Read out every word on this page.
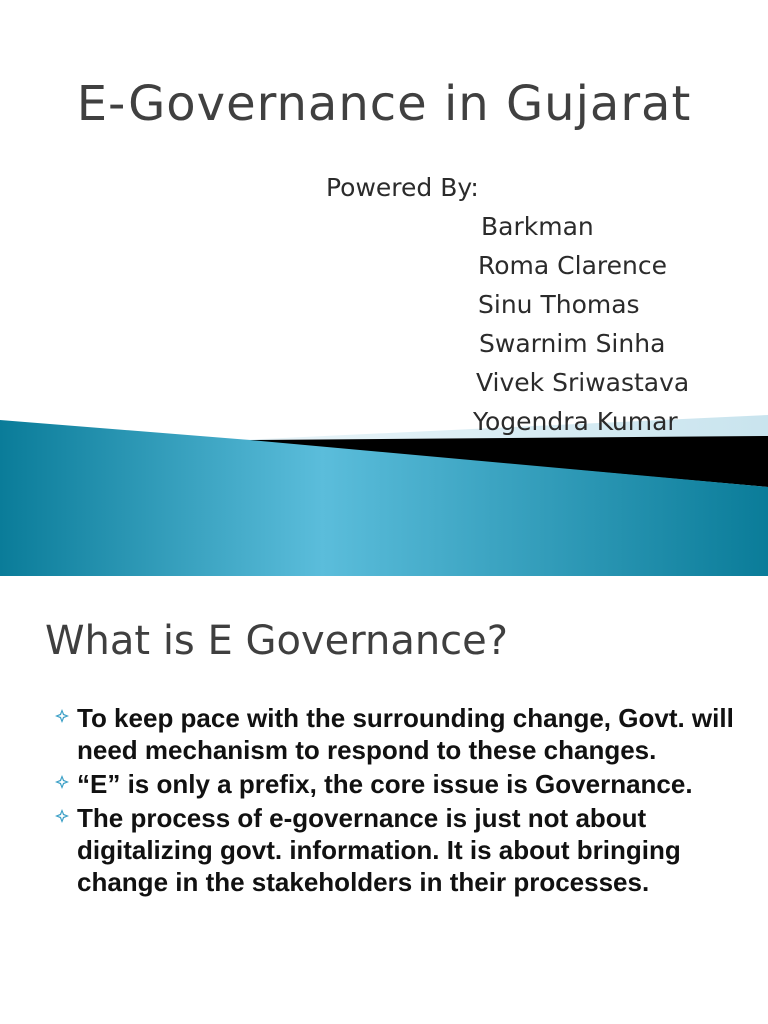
E-Governance in Gujarat
Powered By:
Barkman
Roma Clarence
Sinu Thomas
Swarnim Sinha
Vivek Sriwastava
Yogendra Kumar
What is E Governance?
To keep pace with the surrounding change, Govt. will need mechanism to respond to these changes.
“E” is only a prefix, the core issue is Governance.
The process of e-governance is just not about digitalizing govt. information. It is about bringing change in the stakeholders in their processes.
